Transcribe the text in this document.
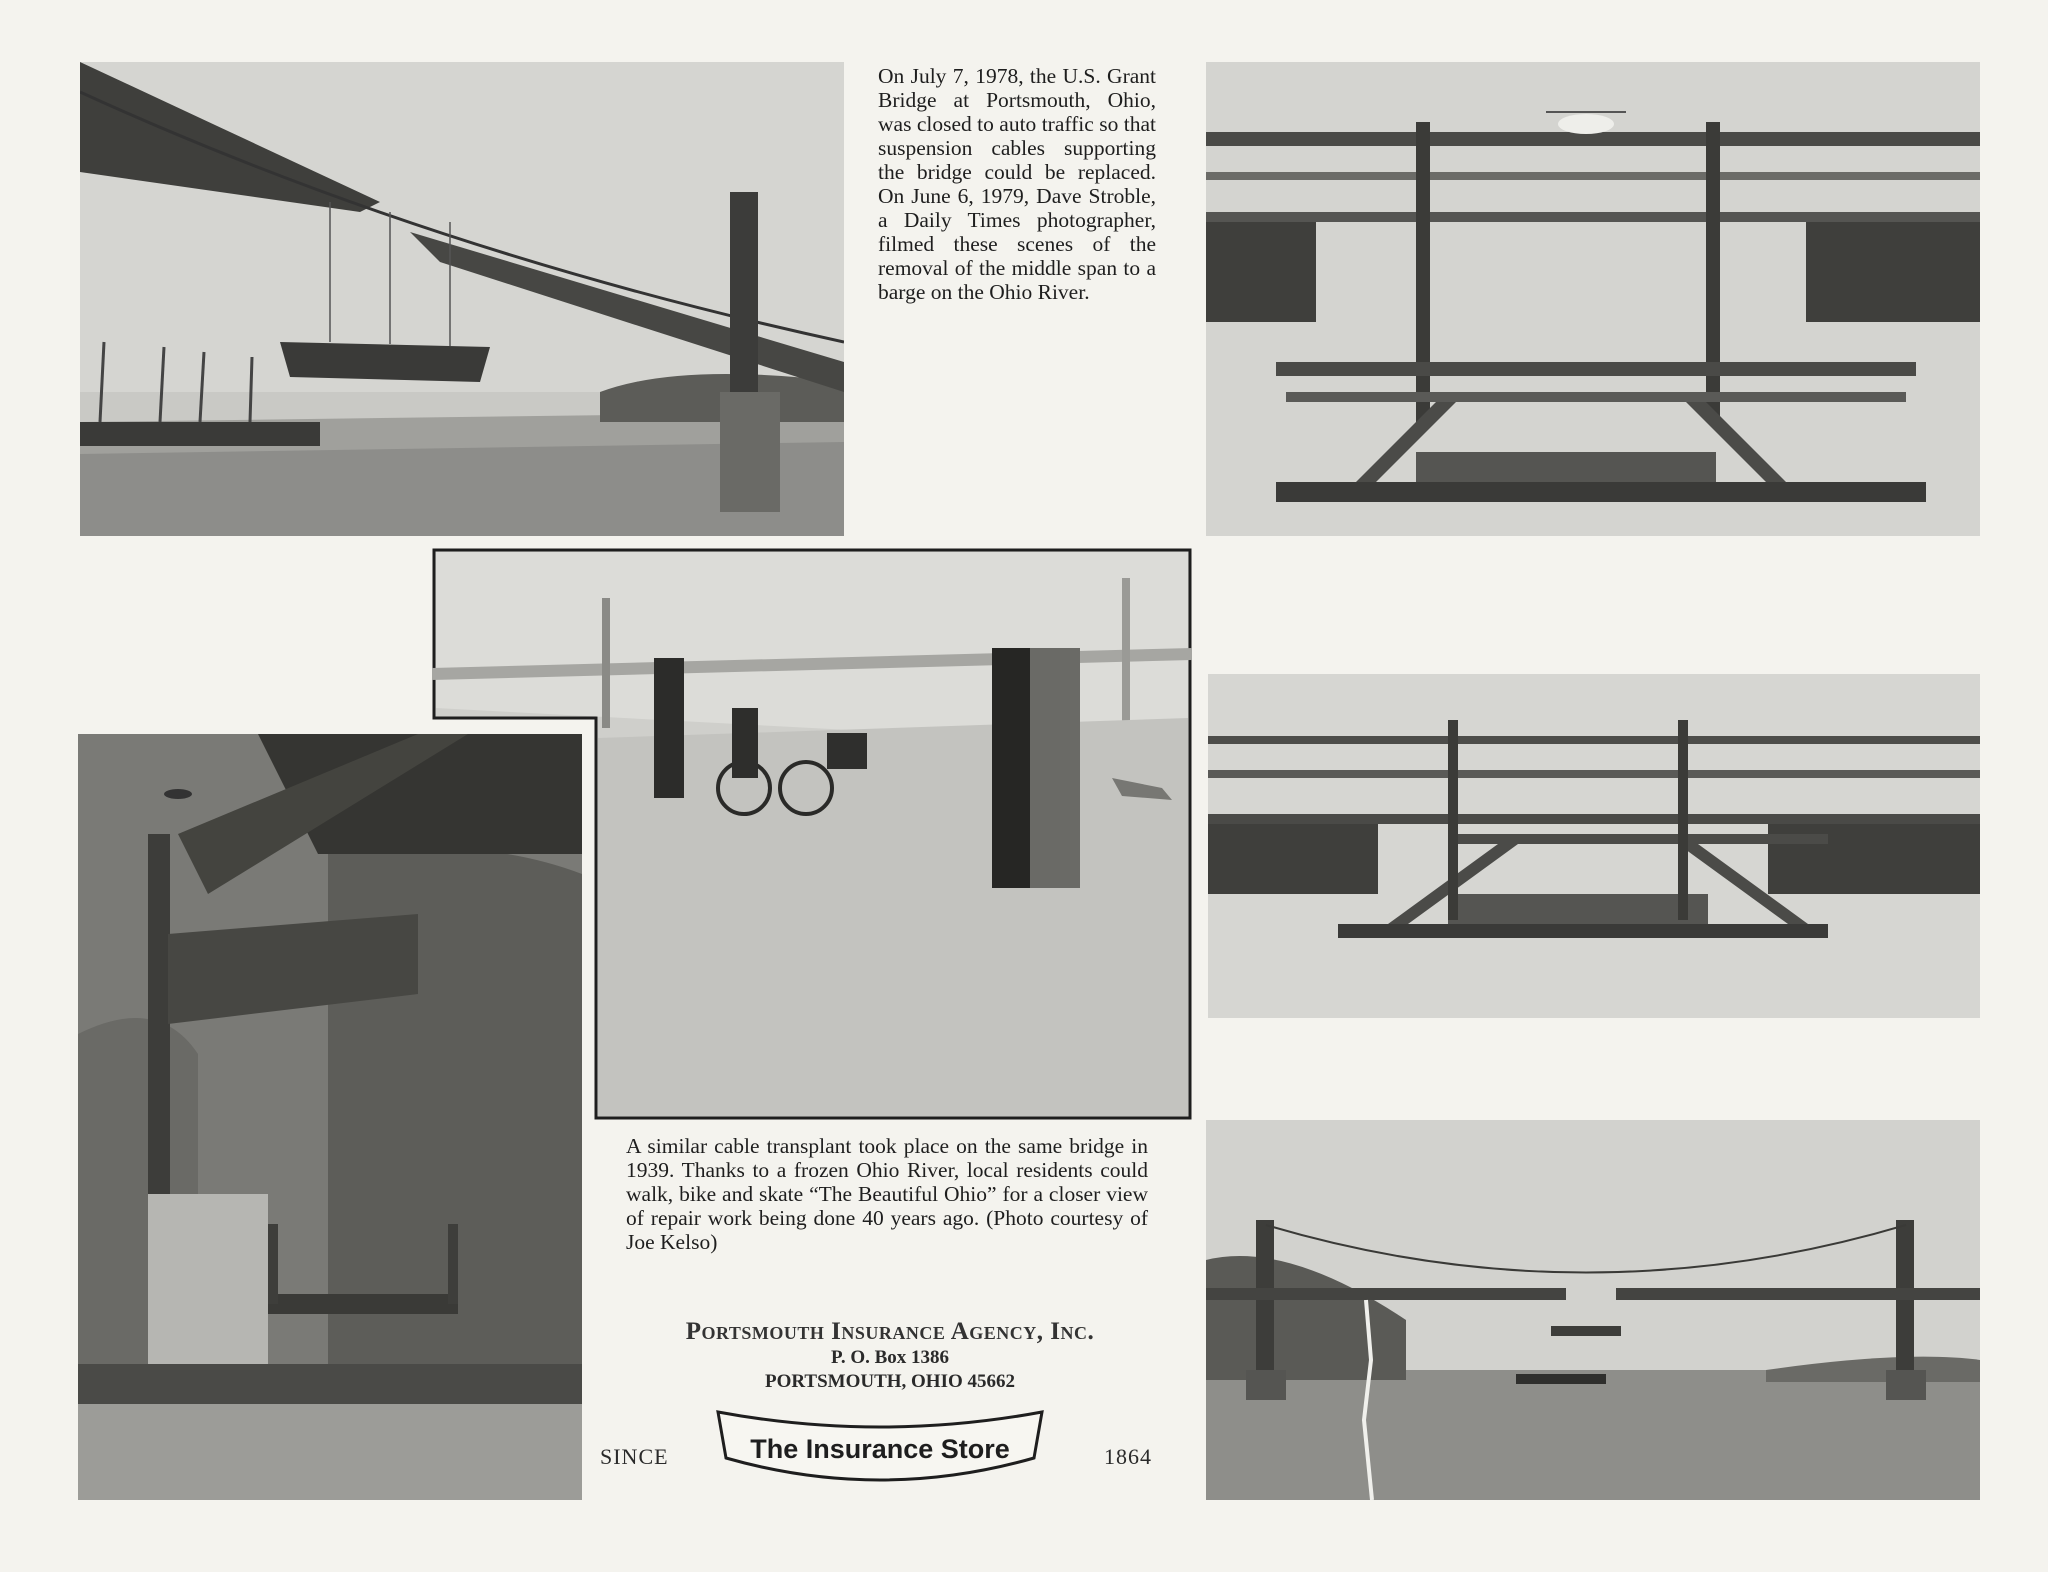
On July 7, 1978, the U.S. Grant Bridge at Portsmouth, Ohio, was closed to auto traffic so that suspension cables supporting the bridge could be replaced. On June 6, 1979, Dave Stroble, a Daily Times photographer, filmed these scenes of the removal of the middle span to a barge on the Ohio River.
A similar cable transplant took place on the same bridge in 1939. Thanks to a frozen Ohio River, local residents could walk, bike and skate “The Beautiful Ohio” for a closer view of repair work being done 40 years ago. (Photo courtesy of Joe Kelso)
Portsmouth Insurance Agency, Inc.
P. O. Box 1386
PORTSMOUTH, OHIO 45662
SINCE	The Insurance Store	1864
